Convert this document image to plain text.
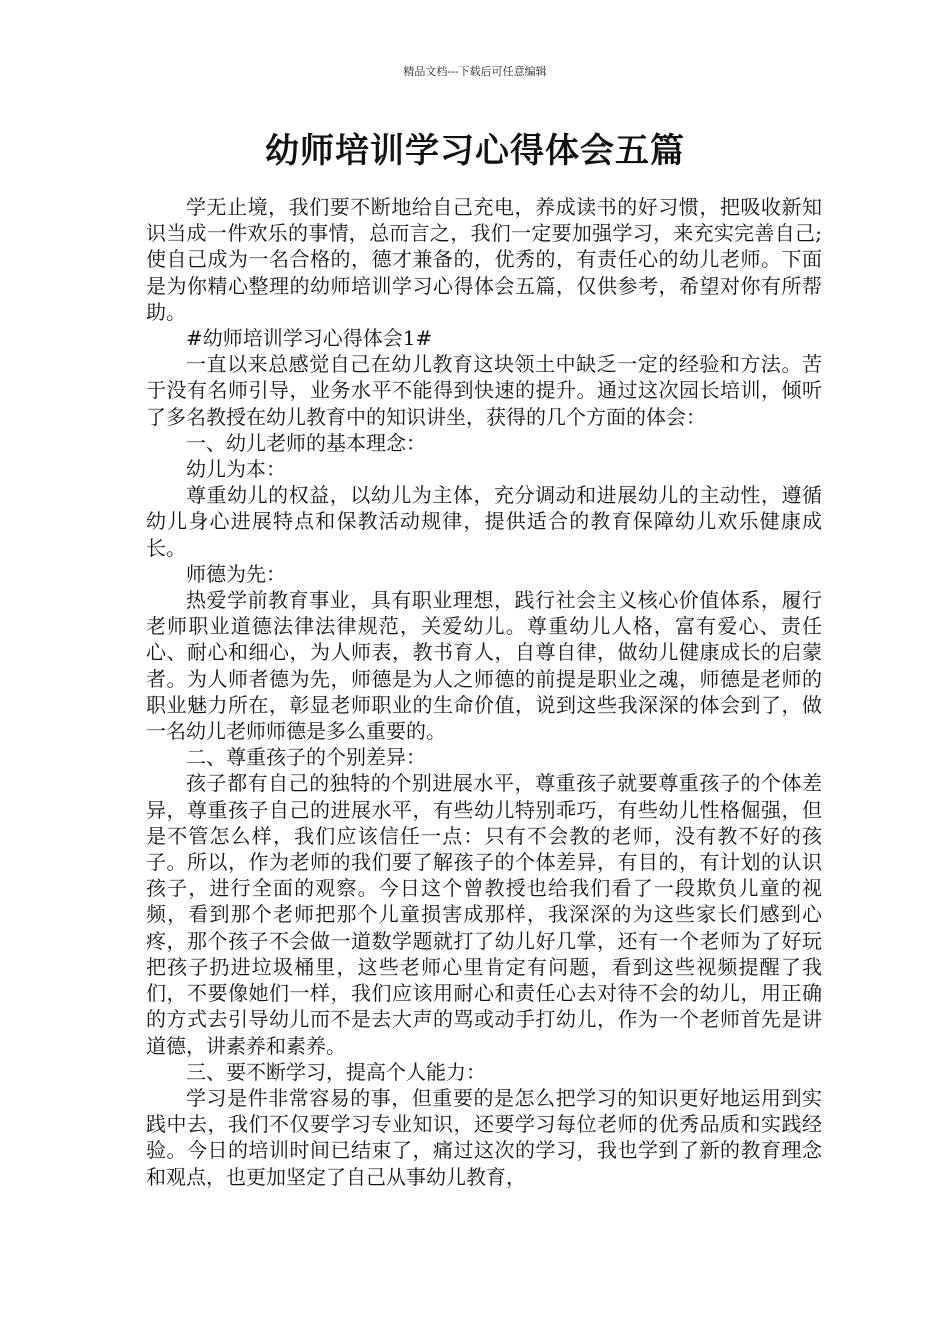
精品文档---下载后可任意编辑
幼师培训学习心得体会五篇

学无止境，我们要不断地给自己充电，养成读书的好习惯，把吸收新知识当成一件欢乐的事情，总而言之，我们一定要加强学习，来充实完善自己;使自己成为一名合格的，德才兼备的，优秀的，有责任心的幼儿老师。下面是为你精心整理的幼师培训学习心得体会五篇，仅供参考，希望对你有所帮助。

#幼师培训学习心得体会1#

一直以来总感觉自己在幼儿教育这块领土中缺乏一定的经验和方法。苦于没有名师引导，业务水平不能得到快速的提升。通过这次园长培训，倾听了多名教授在幼儿教育中的知识讲坐，获得的几个方面的体会：

一、幼儿老师的基本理念：

幼儿为本：

尊重幼儿的权益，以幼儿为主体，充分调动和进展幼儿的主动性，遵循幼儿身心进展特点和保教活动规律，提供适合的教育保障幼儿欢乐健康成长。

师德为先：

热爱学前教育事业，具有职业理想，践行社会主义核心价值体系，履行老师职业道德法律法律规范，关爱幼儿。尊重幼儿人格，富有爱心、责任心、耐心和细心，为人师表，教书育人，自尊自律，做幼儿健康成长的启蒙者。为人师者德为先，师德是为人之师德的前提是职业之魂，师德是老师的职业魅力所在，彰显老师职业的生命价值，说到这些我深深的体会到了，做一名幼儿老师师德是多么重要的。

二、尊重孩子的个别差异：

孩子都有自己的独特的个别进展水平，尊重孩子就要尊重孩子的个体差异，尊重孩子自己的进展水平，有些幼儿特别乖巧，有些幼儿性格倔强，但是不管怎么样，我们应该信任一点：只有不会教的老师，没有教不好的孩子。所以，作为老师的我们要了解孩子的个体差异，有目的，有计划的认识孩子，进行全面的观察。今日这个曾教授也给我们看了一段欺负儿童的视频，看到那个老师把那个儿童损害成那样，我深深的为这些家长们感到心疼，那个孩子不会做一道数学题就打了幼儿好几掌，还有一个老师为了好玩把孩子扔进垃圾桶里，这些老师心里肯定有问题，看到这些视频提醒了我们，不要像她们一样，我们应该用耐心和责任心去对待不会的幼儿，用正确的方式去引导幼儿而不是去大声的骂或动手打幼儿，作为一个老师首先是讲道德，讲素养和素养。

三、要不断学习，提高个人能力：

学习是件非常容易的事，但重要的是怎么把学习的知识更好地运用到实践中去，我们不仅要学习专业知识，还要学习每位老师的优秀品质和实践经验。今日的培训时间已结束了，痛过这次的学习，我也学到了新的教育理念和观点，也更加坚定了自己从事幼儿教育，
